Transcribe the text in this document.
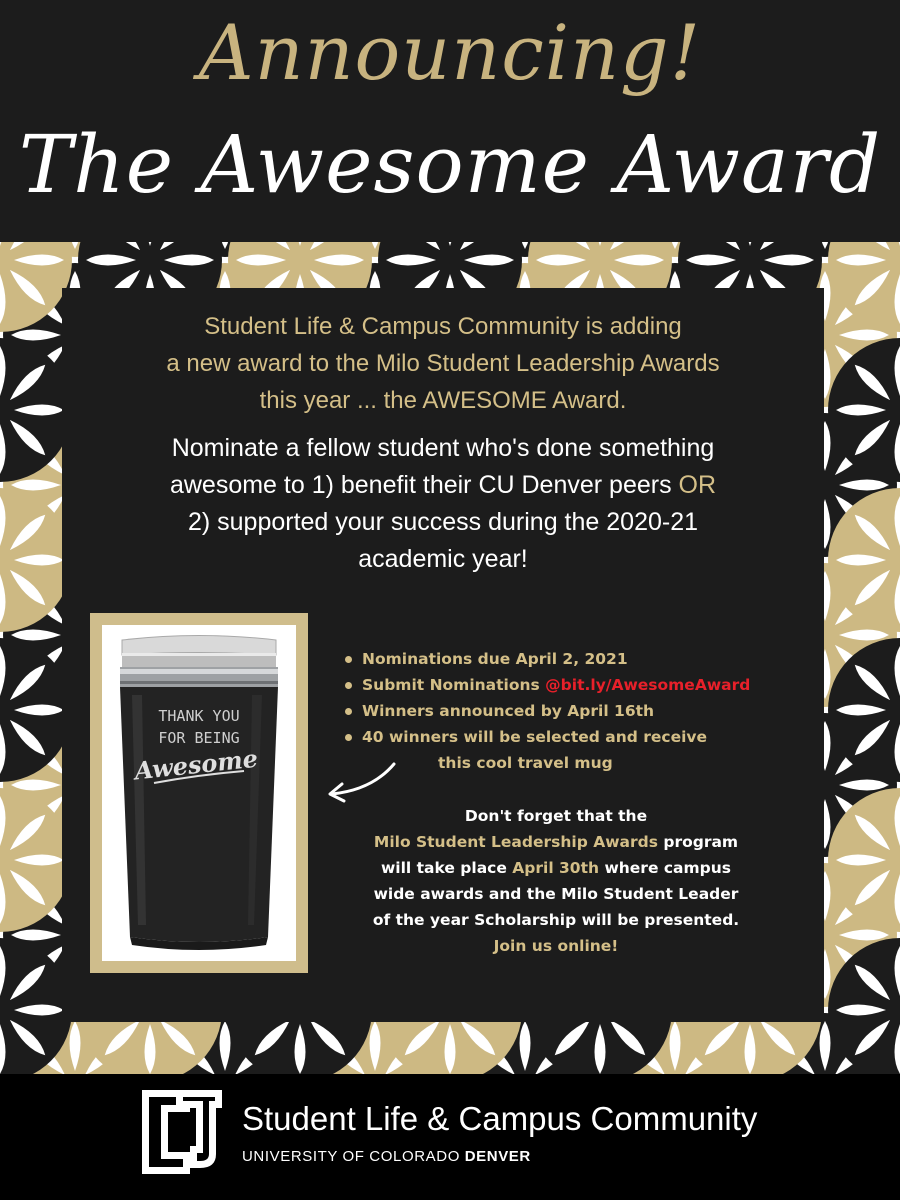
Announcing!
The Awesome Award

Student Life & Campus Community is adding
a new award to the Milo Student Leadership Awards
this year ... the AWESOME Award.

Nominate a fellow student who's done something
awesome to 1) benefit their CU Denver peers OR
2) supported your success during the 2020-21
academic year!

THANK YOU
FOR BEING
Awesome
Nominations due April 2, 2021
Submit Nominations @bit.ly/AwesomeAward
Winners announced by April 16th
40 winners will be selected and receive
this cool travel mug

Don't forget that the
Milo Student Leadership Awards program
will take place April 30th where campus
wide awards and the Milo Student Leader
of the year Scholarship will be presented.
Join us online!

Student Life & Campus Community
UNIVERSITY OF COLORADO DENVER
